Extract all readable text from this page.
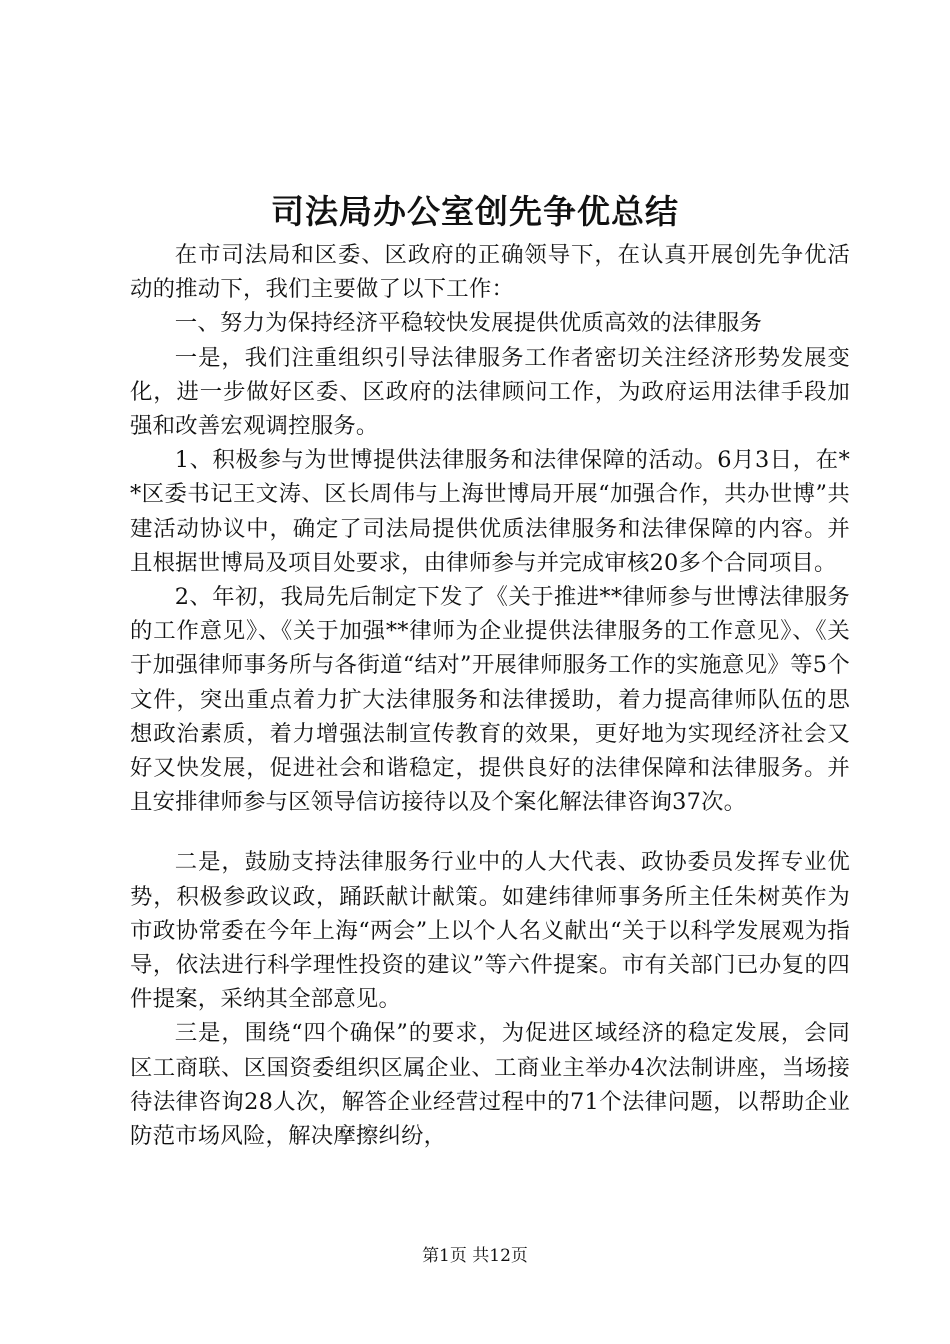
司法局办公室创先争优总结

在市司法局和区委、区政府的正确领导下，在认真开展创先争优活动的推动下，我们主要做了以下工作：

一、努力为保持经济平稳较快发展提供优质高效的法律服务

一是，我们注重组织引导法律服务工作者密切关注经济形势发展变化，进一步做好区委、区政府的法律顾问工作，为政府运用法律手段加强和改善宏观调控服务。

1、积极参与为世博提供法律服务和法律保障的活动。6月3日，在**区委书记王文涛、区长周伟与上海世博局开展“加强合作，共办世博”共建活动协议中，确定了司法局提供优质法律服务和法律保障的内容。并且根据世博局及项目处要求，由律师参与并完成审核20多个合同项目。

2、年初，我局先后制定下发了《关于推进**律师参与世博法律服务的工作意见》、《关于加强**律师为企业提供法律服务的工作意见》、《关于加强律师事务所与各街道“结对”开展律师服务工作的实施意见》等5个文件，突出重点着力扩大法律服务和法律援助，着力提高律师队伍的思想政治素质，着力增强法制宣传教育的效果，更好地为实现经济社会又好又快发展，促进社会和谐稳定，提供良好的法律保障和法律服务。并且安排律师参与区领导信访接待以及个案化解法律咨询37次。

二是，鼓励支持法律服务行业中的人大代表、政协委员发挥专业优势，积极参政议政，踊跃献计献策。如建纬律师事务所主任朱树英作为市政协常委在今年上海“两会”上以个人名义献出“关于以科学发展观为指导，依法进行科学理性投资的建议”等六件提案。市有关部门已办复的四件提案，采纳其全部意见。

三是，围绕“四个确保”的要求，为促进区域经济的稳定发展，会同区工商联、区国资委组织区属企业、工商业主举办4次法制讲座，当场接待法律咨询28人次，解答企业经营过程中的71个法律问题，以帮助企业防范市场风险，解决摩擦纠纷，

第1页 共12页
